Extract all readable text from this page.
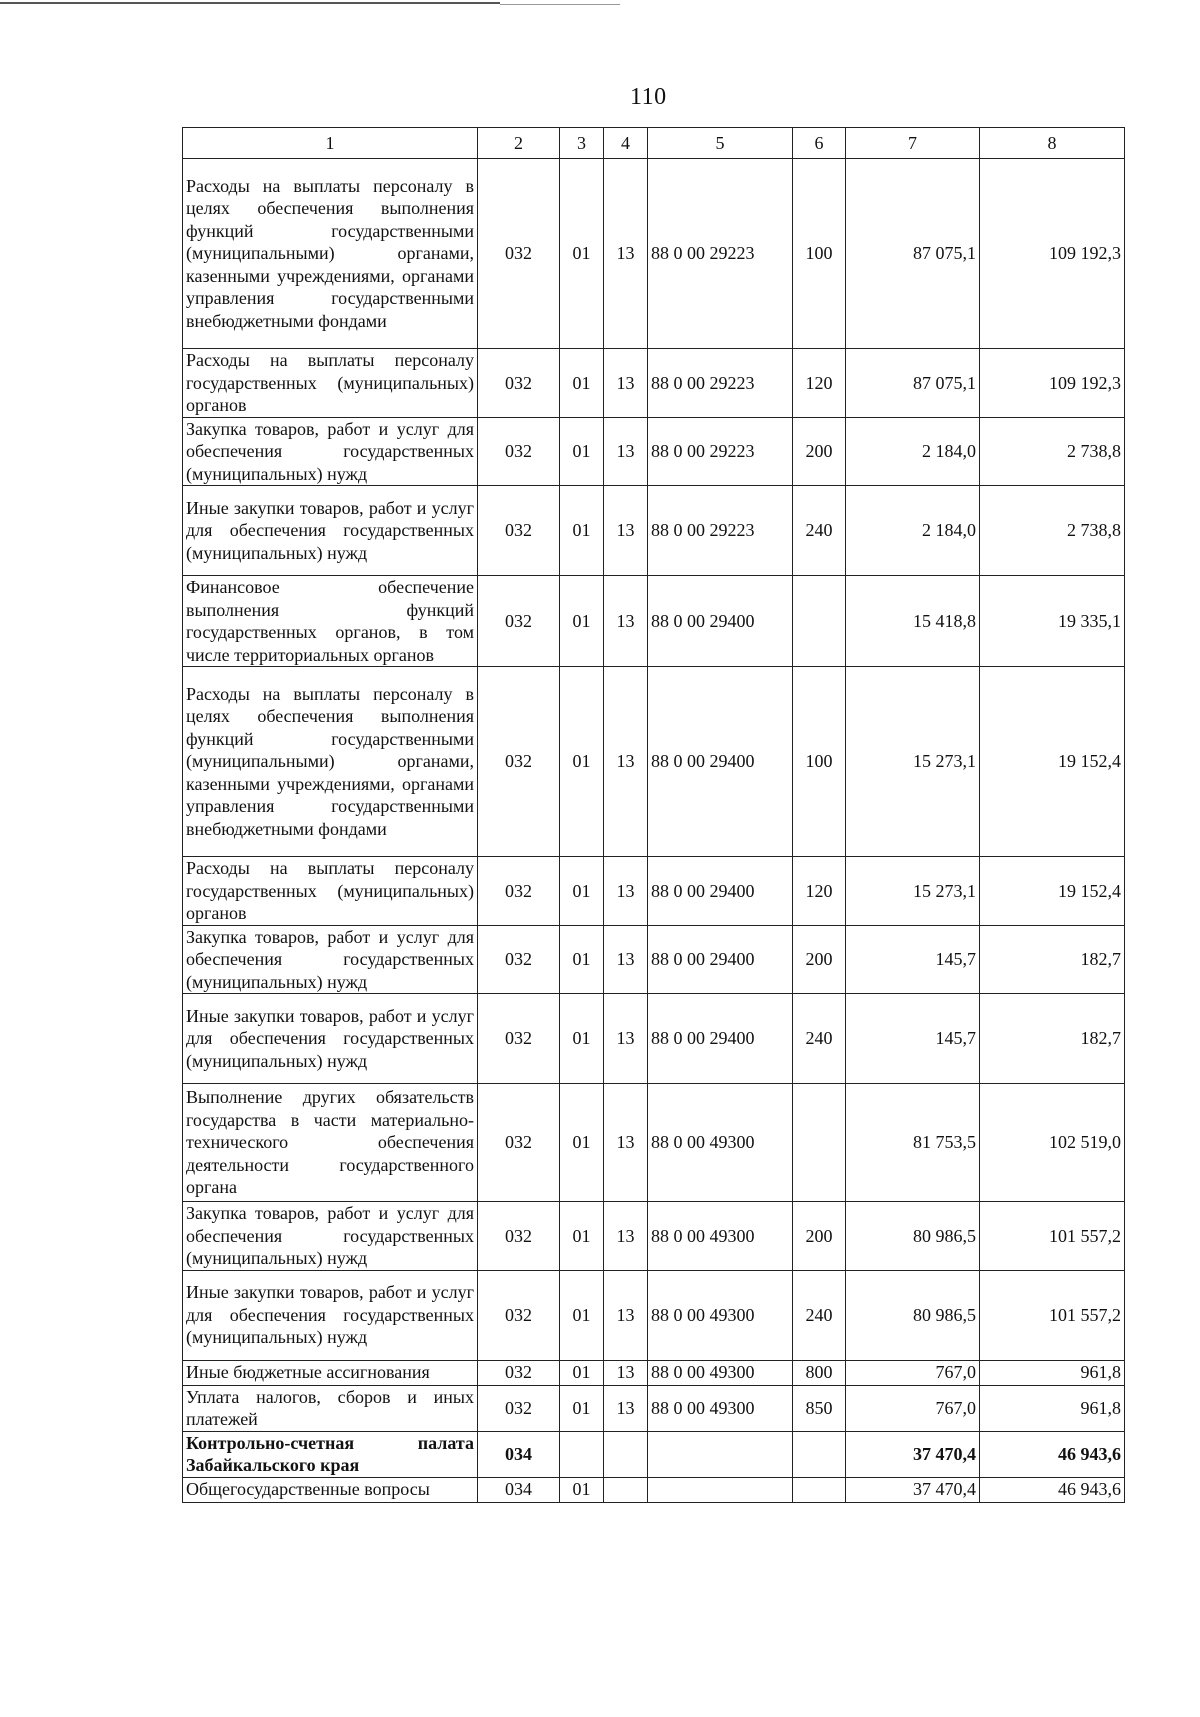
110
1	2	3	4	5	6	7	8
Расходы на выплаты персоналу в целях обеспечения выполнения функций государственными (муниципальными) органами, казенными учреждениями, органами управления государственными внебюджетными фондами	032	01	13	88 0 00 29223	100	87 075,1	109 192,3
Расходы на выплаты персоналу государственных (муниципальных) органов	032	01	13	88 0 00 29223	120	87 075,1	109 192,3
Закупка товаров, работ и услуг для обеспечения государственных (муниципальных) нужд	032	01	13	88 0 00 29223	200	2 184,0	2 738,8
Иные закупки товаров, работ и услуг для обеспечения государственных (муниципальных) нужд	032	01	13	88 0 00 29223	240	2 184,0	2 738,8
Финансовое обеспечение выполнения функций государственных органов, в том числе территориальных органов	032	01	13	88 0 00 29400		15 418,8	19 335,1
Расходы на выплаты персоналу в целях обеспечения выполнения функций государственными (муниципальными) органами, казенными учреждениями, органами управления государственными внебюджетными фондами	032	01	13	88 0 00 29400	100	15 273,1	19 152,4
Расходы на выплаты персоналу государственных (муниципальных) органов	032	01	13	88 0 00 29400	120	15 273,1	19 152,4
Закупка товаров, работ и услуг для обеспечения государственных (муниципальных) нужд	032	01	13	88 0 00 29400	200	145,7	182,7
Иные закупки товаров, работ и услуг для обеспечения государственных (муниципальных) нужд	032	01	13	88 0 00 29400	240	145,7	182,7
Выполнение других обязательств государства в части материально-технического обеспечения деятельности государственного органа	032	01	13	88 0 00 49300		81 753,5	102 519,0
Закупка товаров, работ и услуг для обеспечения государственных (муниципальных) нужд	032	01	13	88 0 00 49300	200	80 986,5	101 557,2
Иные закупки товаров, работ и услуг для обеспечения государственных (муниципальных) нужд	032	01	13	88 0 00 49300	240	80 986,5	101 557,2
Иные бюджетные ассигнования	032	01	13	88 0 00 49300	800	767,0	961,8
Уплата налогов, сборов и иных платежей	032	01	13	88 0 00 49300	850	767,0	961,8
Контрольно-счетная палата Забайкальского края	034					37 470,4	46 943,6
Общегосударственные вопросы	034	01				37 470,4	46 943,6
